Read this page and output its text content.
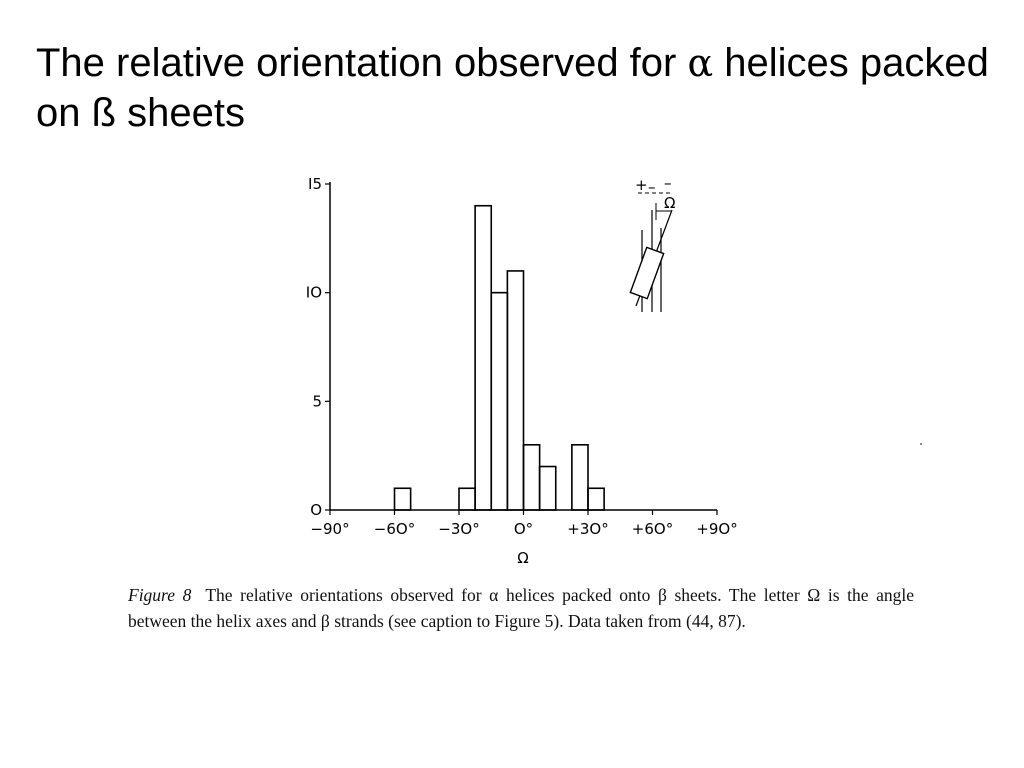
The relative orientation observed for α helices packed on ß sheets
Ω
+ – –
Ω
O
5
IO
I5
−90° −6O° −3O° O° +3O° +6O° +9O°

Figure 8 The relative orientations observed for α helices packed onto β sheets. The letter Ω is the angle between the helix axes and β strands (see caption to Figure 5). Data taken from (44, 87).
